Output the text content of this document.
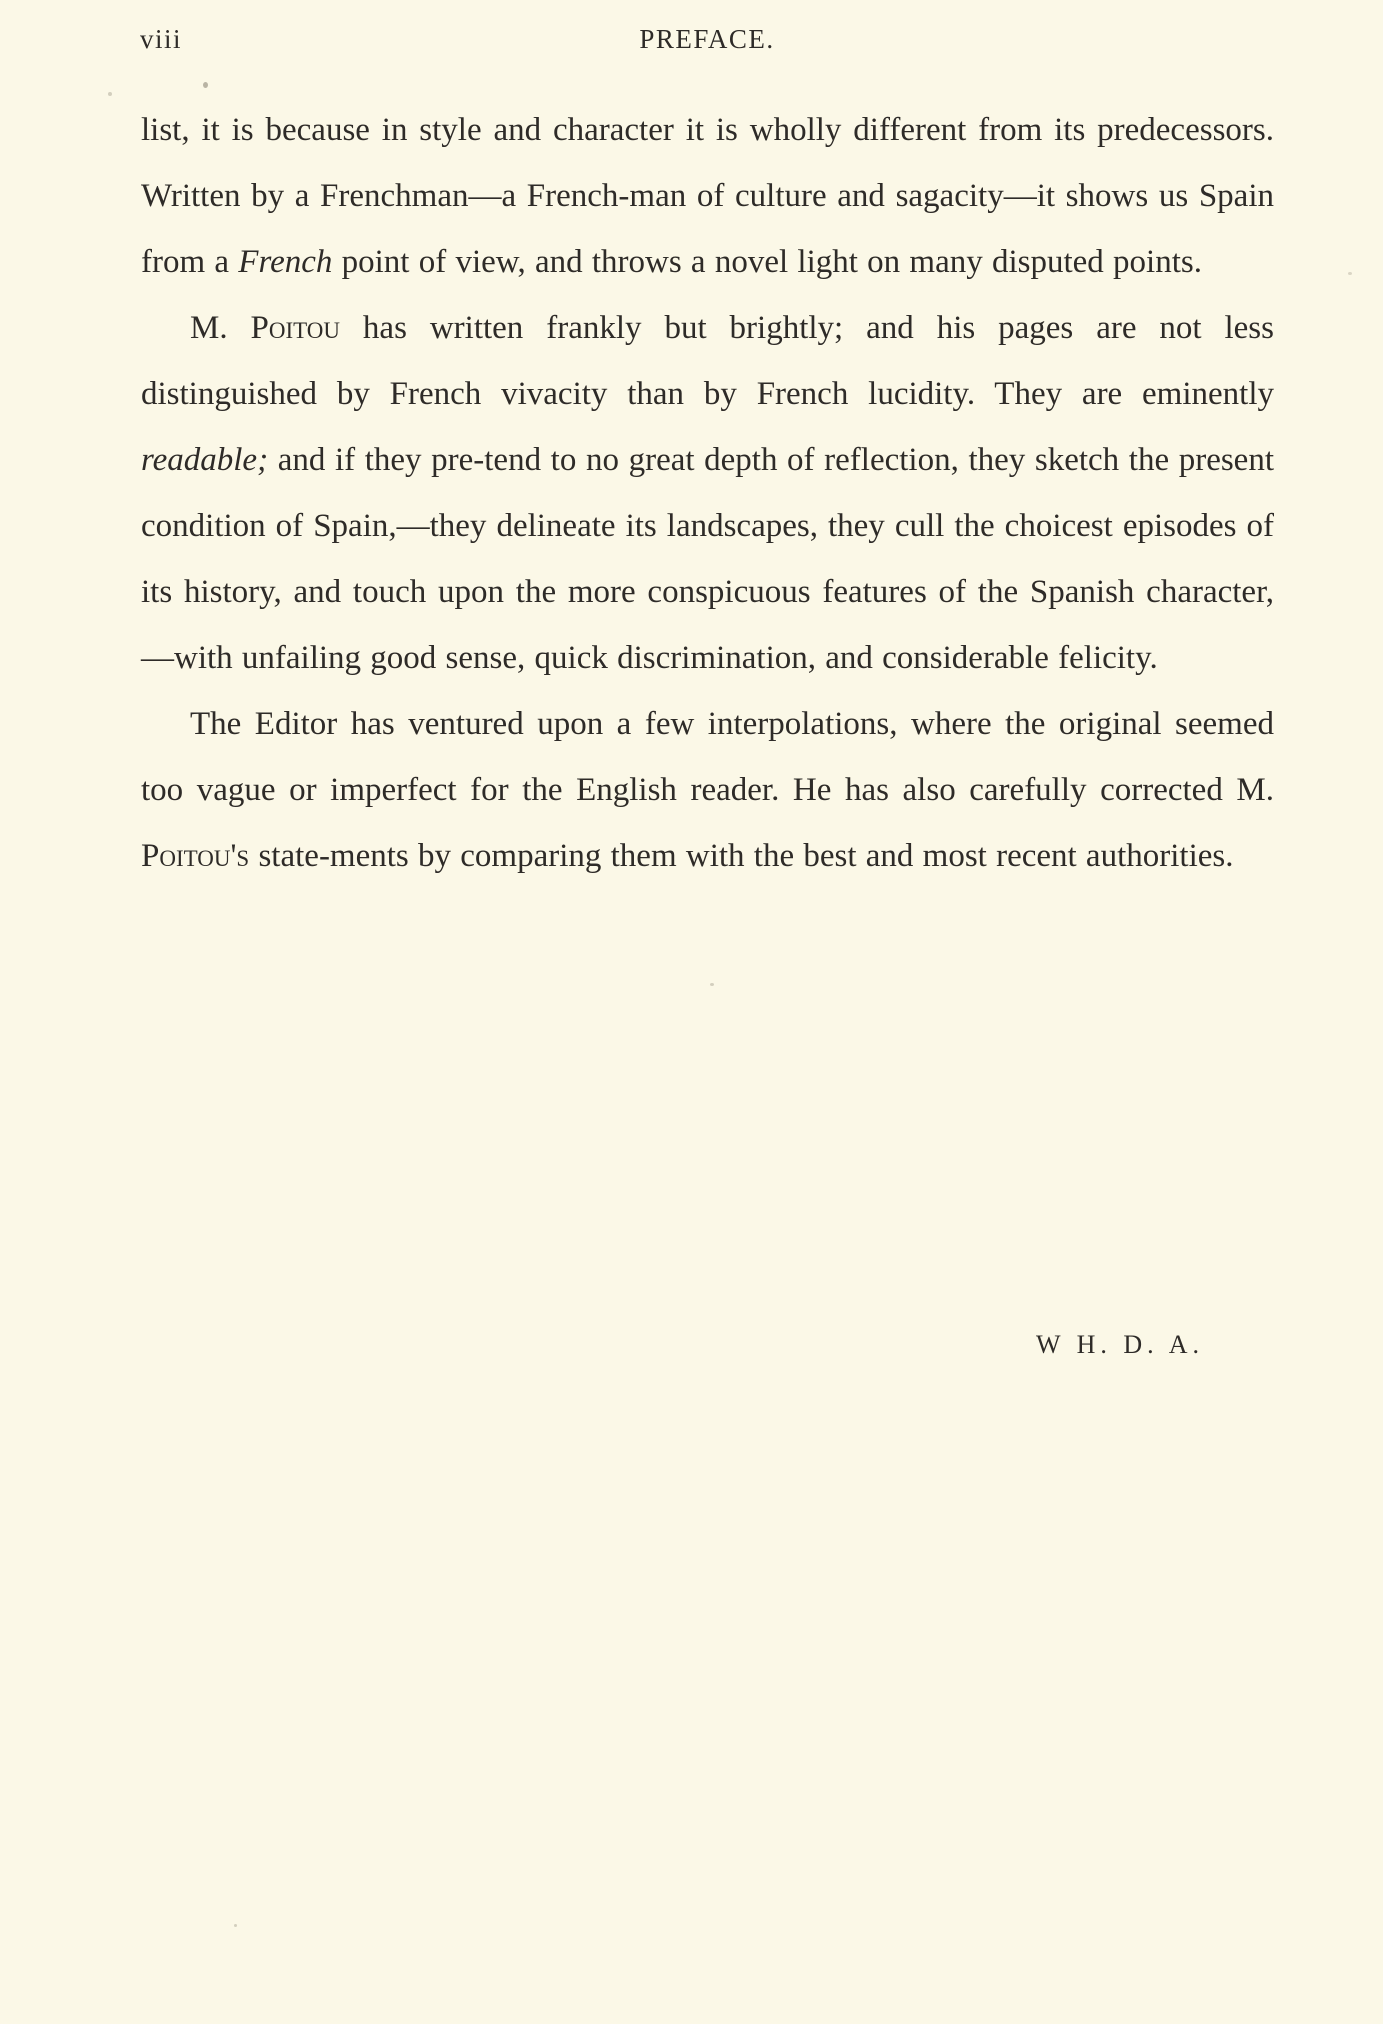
viii	PREFACE.

list, it is because in style and character it is wholly different from its predecessors. Written by a Frenchman—a French-man of culture and sagacity—it shows us Spain from a French point of view, and throws a novel light on many disputed points.

M. Poitou has written frankly but brightly; and his pages are not less distinguished by French vivacity than by French lucidity. They are eminently readable; and if they pre-tend to no great depth of reflection, they sketch the present condition of Spain,—they delineate its landscapes, they cull the choicest episodes of its history, and touch upon the more conspicuous features of the Spanish character,—with unfailing good sense, quick discrimination, and considerable felicity.

The Editor has ventured upon a few interpolations, where the original seemed too vague or imperfect for the English reader. He has also carefully corrected M. Poitou's state-ments by comparing them with the best and most recent authorities.

W H. D. A.
